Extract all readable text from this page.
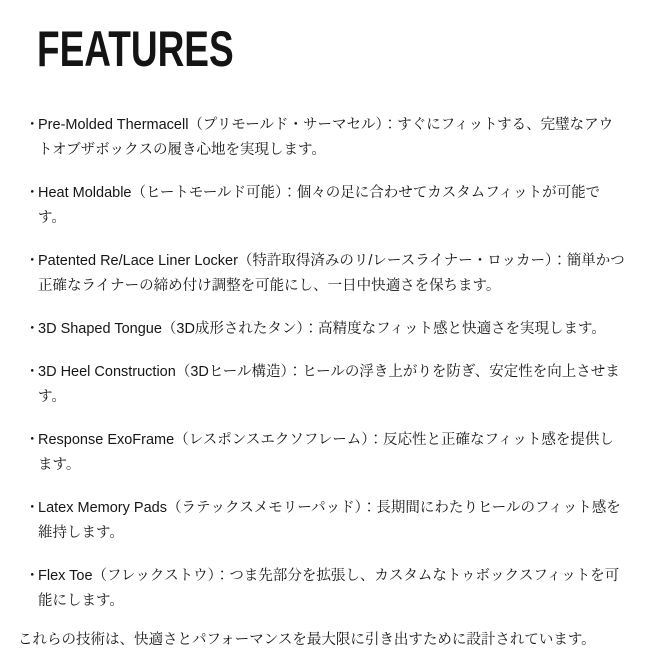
FEATURES
・
Pre-Molded Thermacell（プリモールド・サーマセル）：すぐにフィットする、完璧なアウトオブザボックスの履き心地を実現します。
・
Heat Moldable（ヒートモールド可能）：個々の足に合わせてカスタムフィットが可能です。
・
Patented Re/Lace Liner Locker（特許取得済みのリ/レースライナー・ロッカー）：簡単かつ正確なライナーの締め付け調整を可能にし、一日中快適さを保ちます。
・
3D Shaped Tongue（3D成形されたタン）：高精度なフィット感と快適さを実現します。
・
3D Heel Construction（3Dヒール構造）：ヒールの浮き上がりを防ぎ、安定性を向上させます。
・
Response ExoFrame（レスポンスエクソフレーム）：反応性と正確なフィット感を提供します。
・
Latex Memory Pads（ラテックスメモリーパッド）：長期間にわたりヒールのフィット感を維持します。
・
Flex Toe（フレックストウ）：つま先部分を拡張し、カスタムなトゥボックスフィットを可能にします。

これらの技術は、快適さとパフォーマンスを最大限に引き出すために設計されています。
